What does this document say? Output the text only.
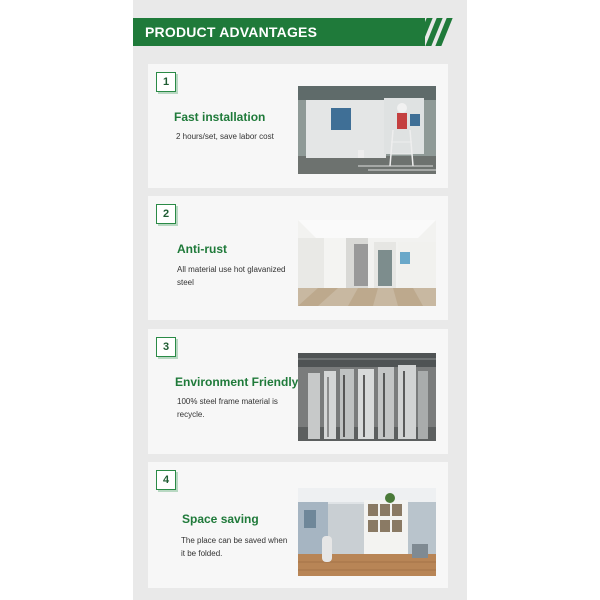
PRODUCT ADVANTAGES
1
Fast installation
2 hours/set, save labor cost
2
Anti-rust
All material use hot glavanized steel
3
Environment Friendly
100% steel frame material is recycle.
4
Space saving
The place can be saved when it be folded.
